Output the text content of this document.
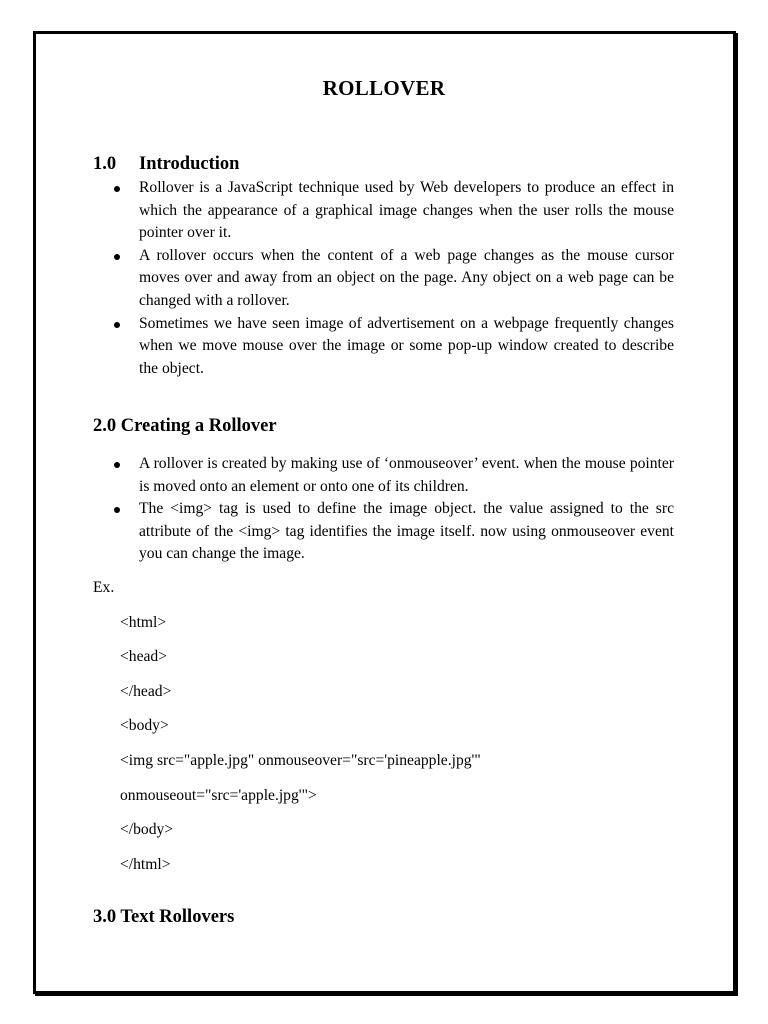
ROLLOVER
1.0 Introduction
Rollover is a JavaScript technique used by Web developers to produce an effect in which the appearance of a graphical image changes when the user rolls the mouse pointer over it.
A rollover occurs when the content of a web page changes as the mouse cursor moves over and away from an object on the page. Any object on a web page can be changed with a rollover.
Sometimes we have seen image of advertisement on a webpage frequently changes when we move mouse over the image or some pop-up window created to describe the object.
2.0 Creating a Rollover
A rollover is created by making use of ‘onmouseover’ event. when the mouse pointer is moved onto an element or onto one of its children.
The <img> tag is used to define the image object. the value assigned to the src attribute of the <img> tag identifies the image itself. now using onmouseover event you can change the image.
Ex.
<html>
<head>
</head>
<body>
<img src="apple.jpg" onmouseover="src='pineapple.jpg'"
onmouseout="src='apple.jpg'">
</body>
</html>
3.0 Text Rollovers
